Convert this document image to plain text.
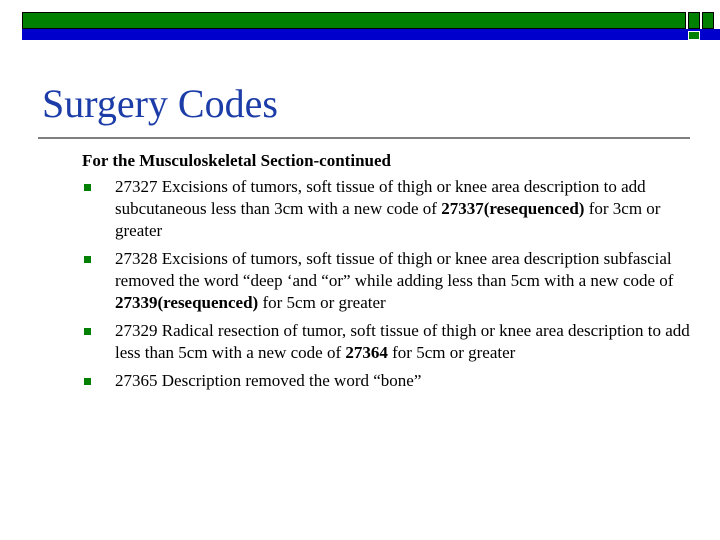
Surgery Codes
For the Musculoskeletal Section-continued
27327 Excisions of tumors, soft tissue of thigh or knee area description to add subcutaneous less than 3cm with a new code of 27337(resequenced) for 3cm or greater
27328 Excisions of tumors, soft tissue of thigh or knee area description subfascial removed the word “deep ‘and “or” while adding less than 5cm with a new code of 27339(resequenced) for 5cm or greater
27329 Radical resection of tumor, soft tissue of thigh or knee area description to add less than 5cm with a new code of 27364 for 5cm or greater
27365 Description removed the word “bone”
